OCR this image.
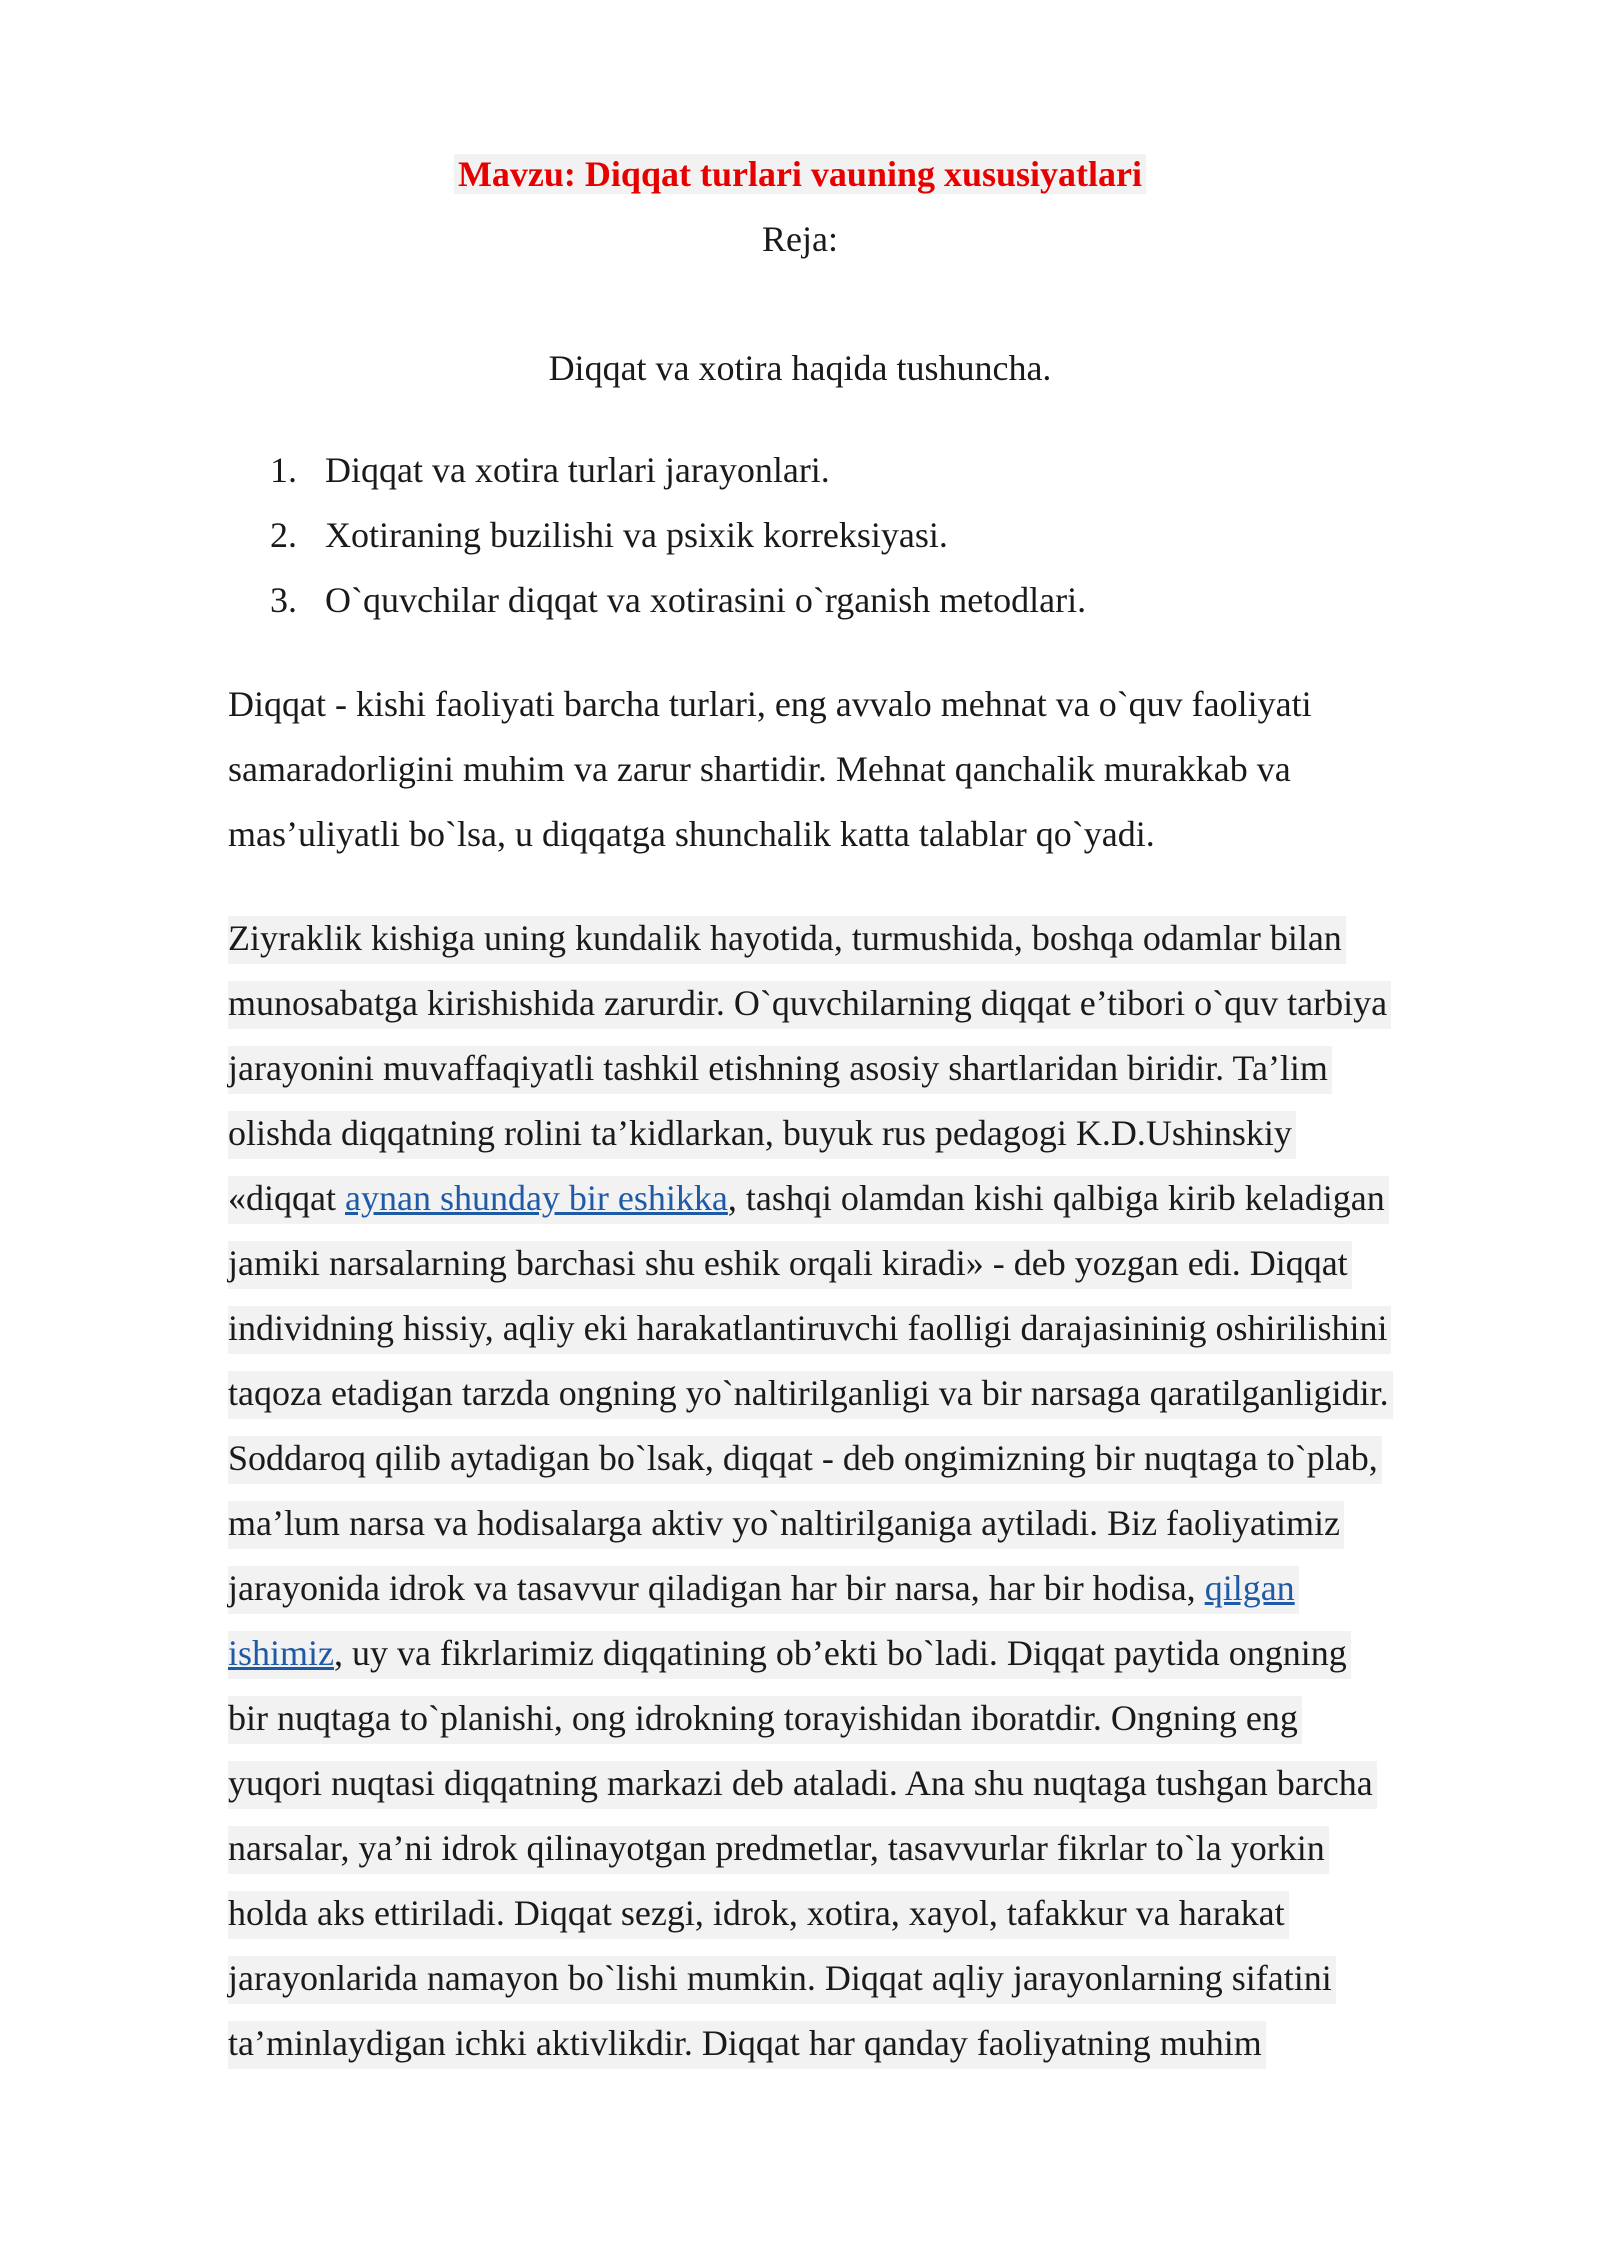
Mavzu: Diqqat turlari vauning xususiyatlari
Reja:
Diqqat va xotira haqida tushuncha.
1. Diqqat va xotira turlari jarayonlari.
2. Xotiraning buzilishi va psixik korreksiyasi.
3. O`quvchilar diqqat va xotirasini o`rganish metodlari.
Diqqat - kishi faoliyati barcha turlari, eng avvalo mehnat va o`quv faoliyati
samaradorligini muhim va zarur shartidir. Mehnat qanchalik murakkab va
mas’uliyatli bo`lsa, u diqqatga shunchalik katta talablar qo`yadi.
Ziyraklik kishiga uning kundalik hayotida, turmushida, boshqa odamlar bilan
munosabatga kirishishida zarurdir. O`quvchilarning diqqat e’tibori o`quv tarbiya
jarayonini muvaffaqiyatli tashkil etishning asosiy shartlaridan biridir. Ta’lim
olishda diqqatning rolini ta’kidlarkan, buyuk rus pedagogi K.D.Ushinskiy
«diqqat aynan shunday bir eshikka, tashqi olamdan kishi qalbiga kirib keladigan
jamiki narsalarning barchasi shu eshik orqali kiradi» - deb yozgan edi. Diqqat
individning hissiy, aqliy eki harakatlantiruvchi faolligi darajasininig oshirilishini
taqoza etadigan tarzda ongning yo`naltirilganligi va bir narsaga qaratilganligidir.
Soddaroq qilib aytadigan bo`lsak, diqqat - deb ongimizning bir nuqtaga to`plab,
ma’lum narsa va hodisalarga aktiv yo`naltirilganiga aytiladi. Biz faoliyatimiz
jarayonida idrok va tasavvur qiladigan har bir narsa, har bir hodisa, qilgan
ishimiz, uy va fikrlarimiz diqqatining ob’ekti bo`ladi. Diqqat paytida ongning
bir nuqtaga to`planishi, ong idrokning torayishidan iboratdir. Ongning eng
yuqori nuqtasi diqqatning markazi deb ataladi. Ana shu nuqtaga tushgan barcha
narsalar, ya’ni idrok qilinayotgan predmetlar, tasavvurlar fikrlar to`la yorkin
holda aks ettiriladi. Diqqat sezgi, idrok, xotira, xayol, tafakkur va harakat
jarayonlarida namayon bo`lishi mumkin. Diqqat aqliy jarayonlarning sifatini
ta’minlaydigan ichki aktivlikdir. Diqqat har qanday faoliyatning muhim
